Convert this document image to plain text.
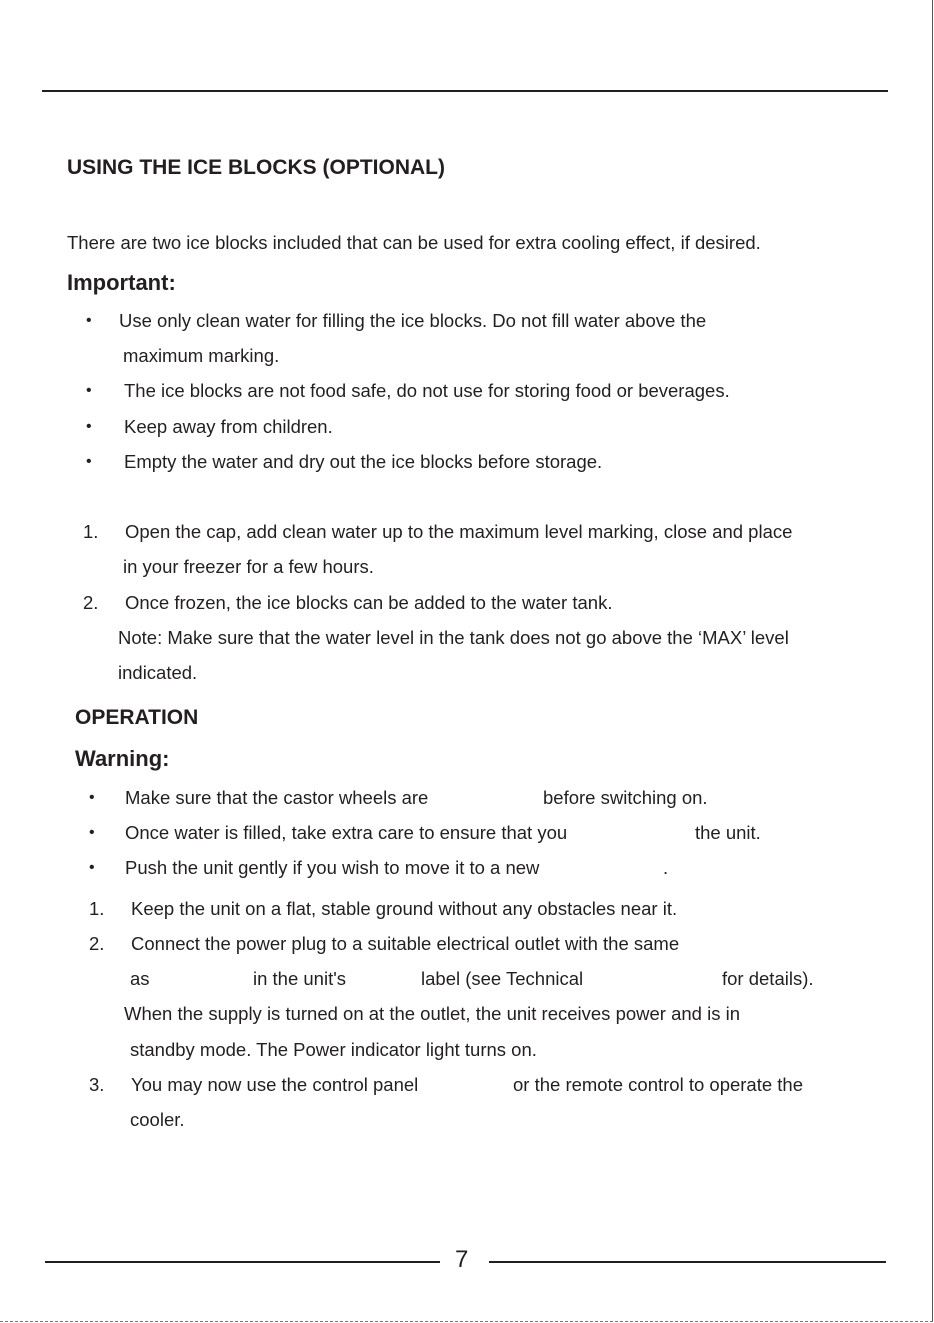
USING THE ICE BLOCKS (OPTIONAL)
There are two ice blocks included that can be used for extra cooling effect, if desired.
Important:
• Use only clean water for filling the ice blocks. Do not fill water above the
maximum marking.
• The ice blocks are not food safe, do not use for storing food or beverages.
• Keep away from children.
• Empty the water and dry out the ice blocks before storage.
1. Open the cap, add clean water up to the maximum level marking, close and place
in your freezer for a few hours.
2. Once frozen, the ice blocks can be added to the water tank.
Note: Make sure that the water level in the tank does not go above the ‘MAX’ level
indicated.
OPERATION
Warning:
• Make sure that the castor wheels are	before switching on.
• Once water is filled, take extra care to ensure that you	the unit.
• Push the unit gently if you wish to move it to a new	.
1. Keep the unit on a flat, stable ground without any obstacles near it.
2. Connect the power plug to a suitable electrical outlet with the same
as	in the unit's	label (see Technical	for details).
When the supply is turned on at the outlet, the unit receives power and is in
standby mode. The Power indicator light turns on.
3. You may now use the control panel	or the remote control to operate the
cooler.
7
